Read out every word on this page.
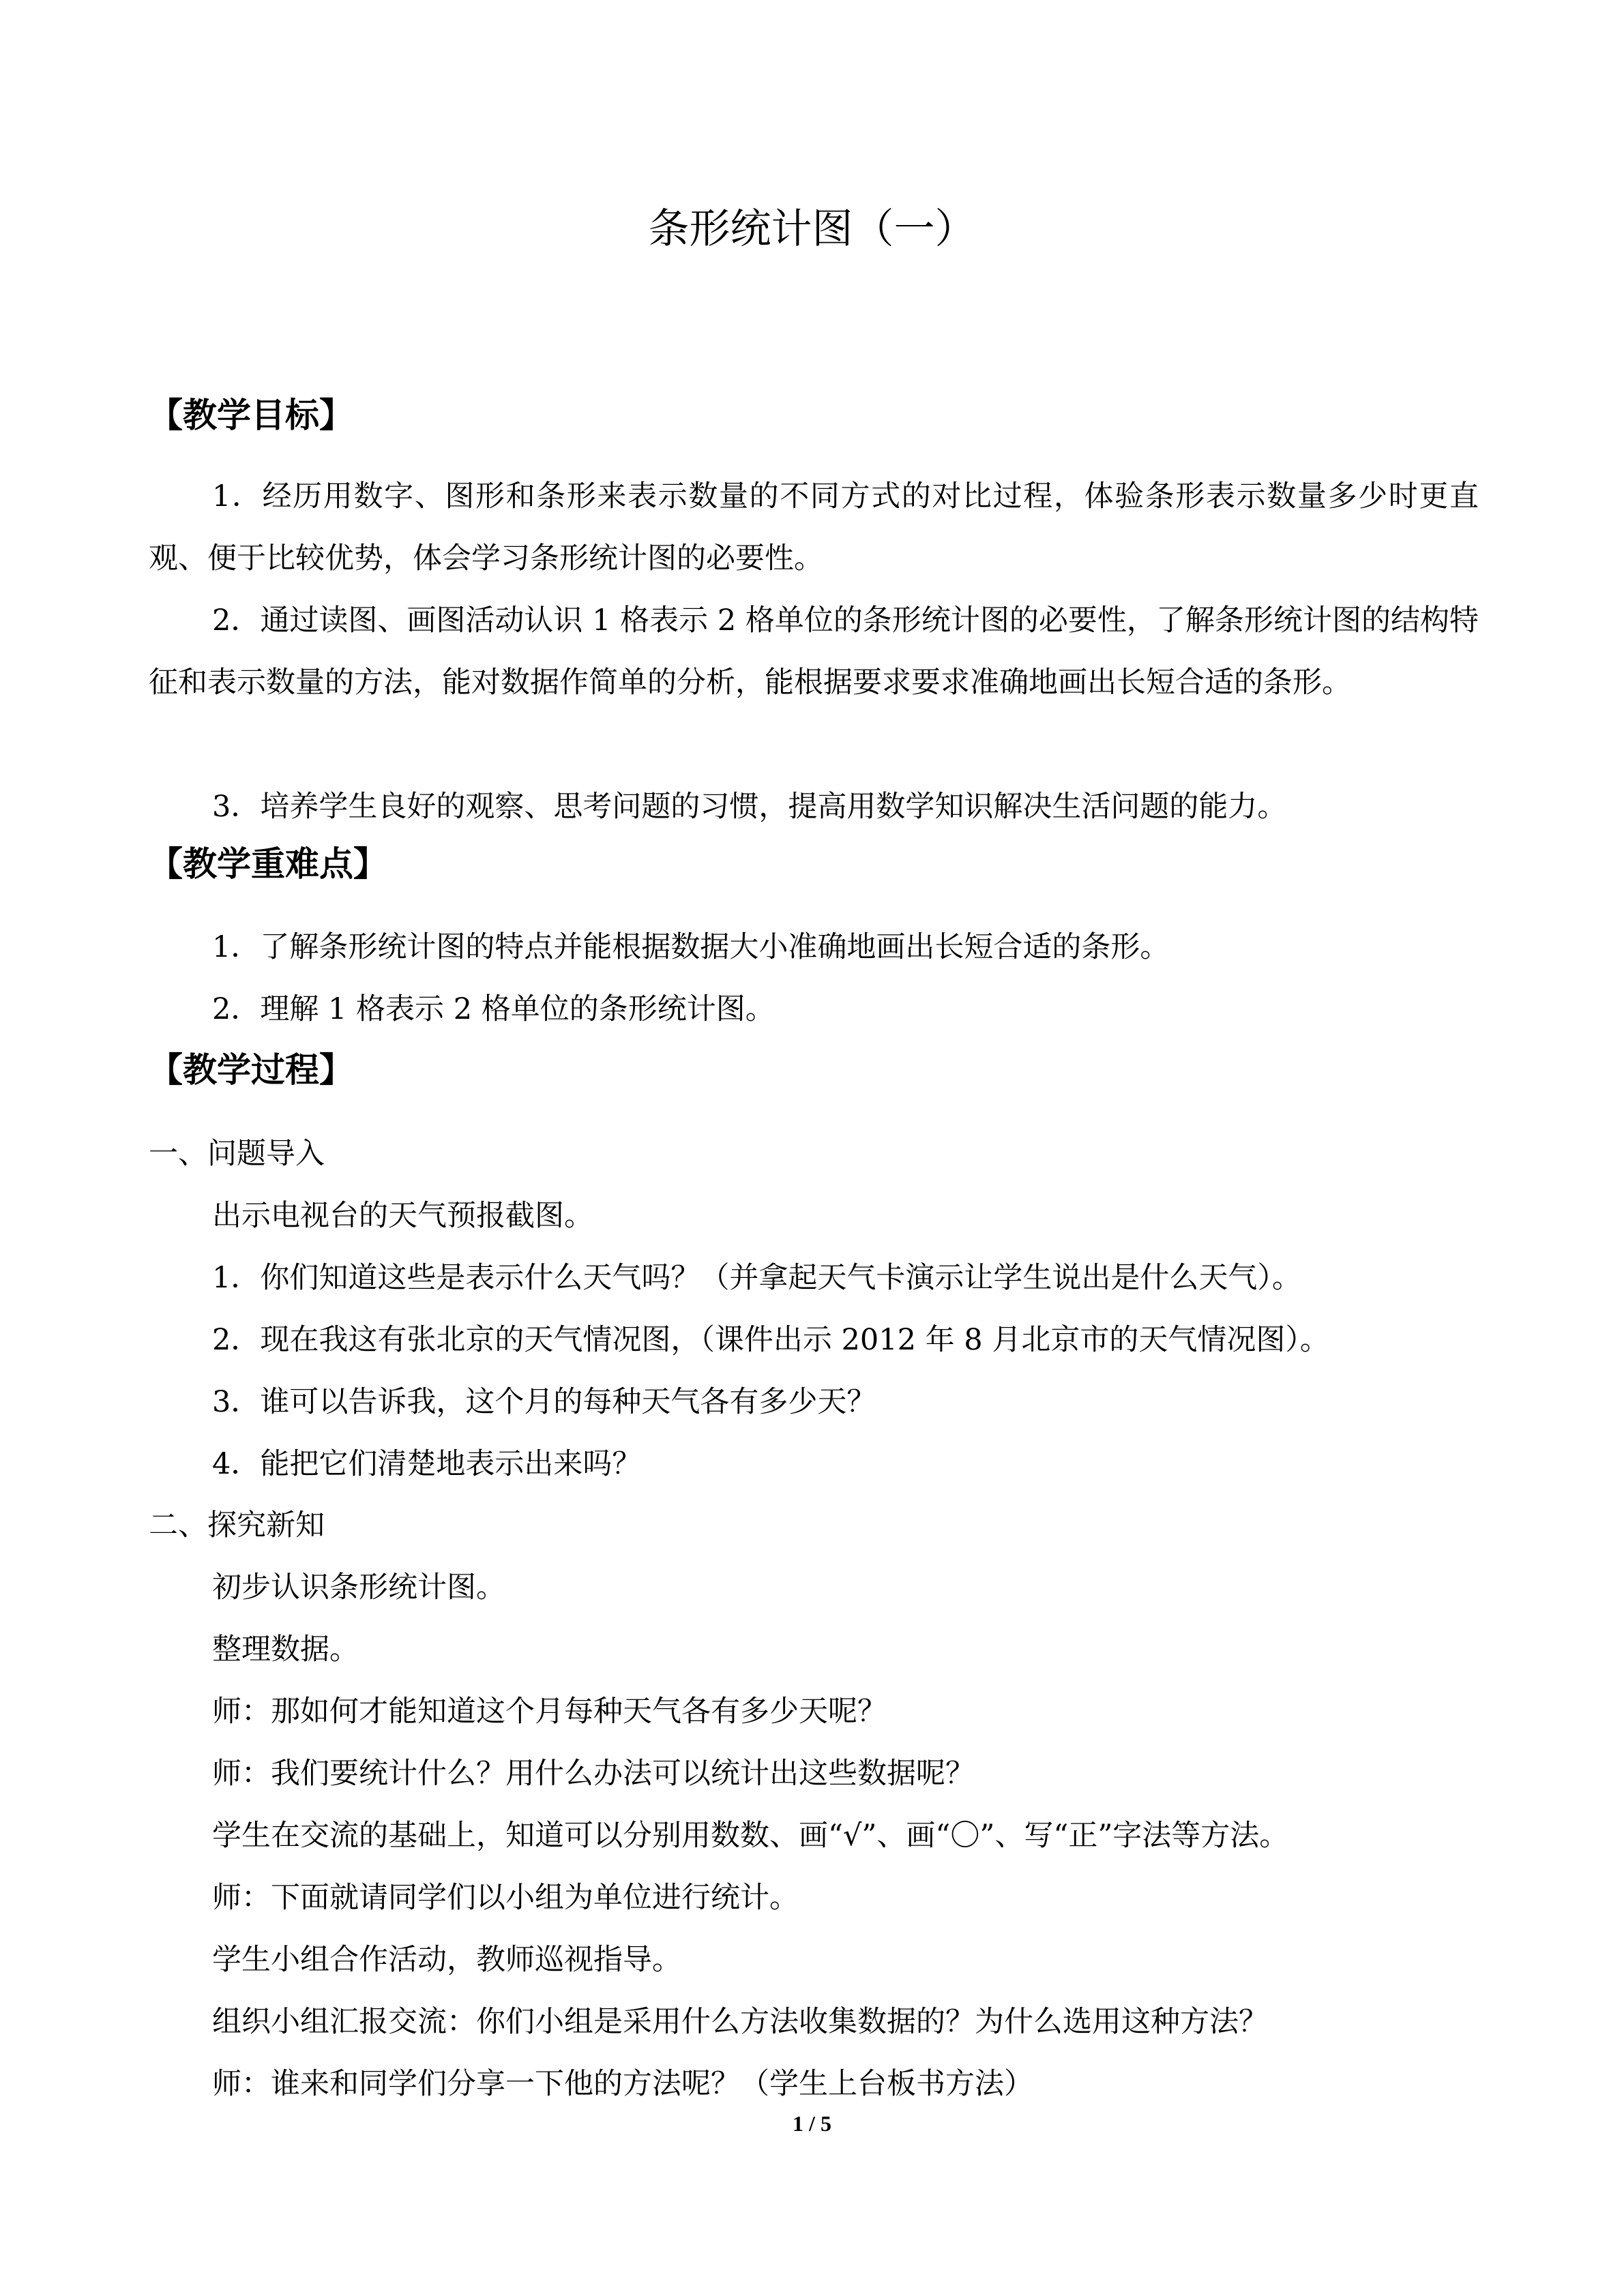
条形统计图（一）
【教学目标】
1．经历用数字、图形和条形来表示数量的不同方式的对比过程，体验条形表示数量多少时更直观、便于比较优势，体会学习条形统计图的必要性。
2．通过读图、画图活动认识 1 格表示 2 格单位的条形统计图的必要性，了解条形统计图的结构特征和表示数量的方法，能对数据作简单的分析，能根据要求要求准确地画出长短合适的条形。
3．培养学生良好的观察、思考问题的习惯，提高用数学知识解决生活问题的能力。
【教学重难点】
1．了解条形统计图的特点并能根据数据大小准确地画出长短合适的条形。
2．理解 1 格表示 2 格单位的条形统计图。
【教学过程】
一、问题导入
出示电视台的天气预报截图。
1．你们知道这些是表示什么天气吗？（并拿起天气卡演示让学生说出是什么天气）。
2．现在我这有张北京的天气情况图，（课件出示 2012 年 8 月北京市的天气情况图）。
3．谁可以告诉我，这个月的每种天气各有多少天？
4．能把它们清楚地表示出来吗？
二、探究新知
初步认识条形统计图。
整理数据。
师：那如何才能知道这个月每种天气各有多少天呢？
师：我们要统计什么？用什么办法可以统计出这些数据呢？
学生在交流的基础上，知道可以分别用数数、画“√”、画“〇”、写“正”字法等方法。
师：下面就请同学们以小组为单位进行统计。
学生小组合作活动，教师巡视指导。
组织小组汇报交流：你们小组是采用什么方法收集数据的？为什么选用这种方法？
师：谁来和同学们分享一下他的方法呢？（学生上台板书方法）
1 / 5
